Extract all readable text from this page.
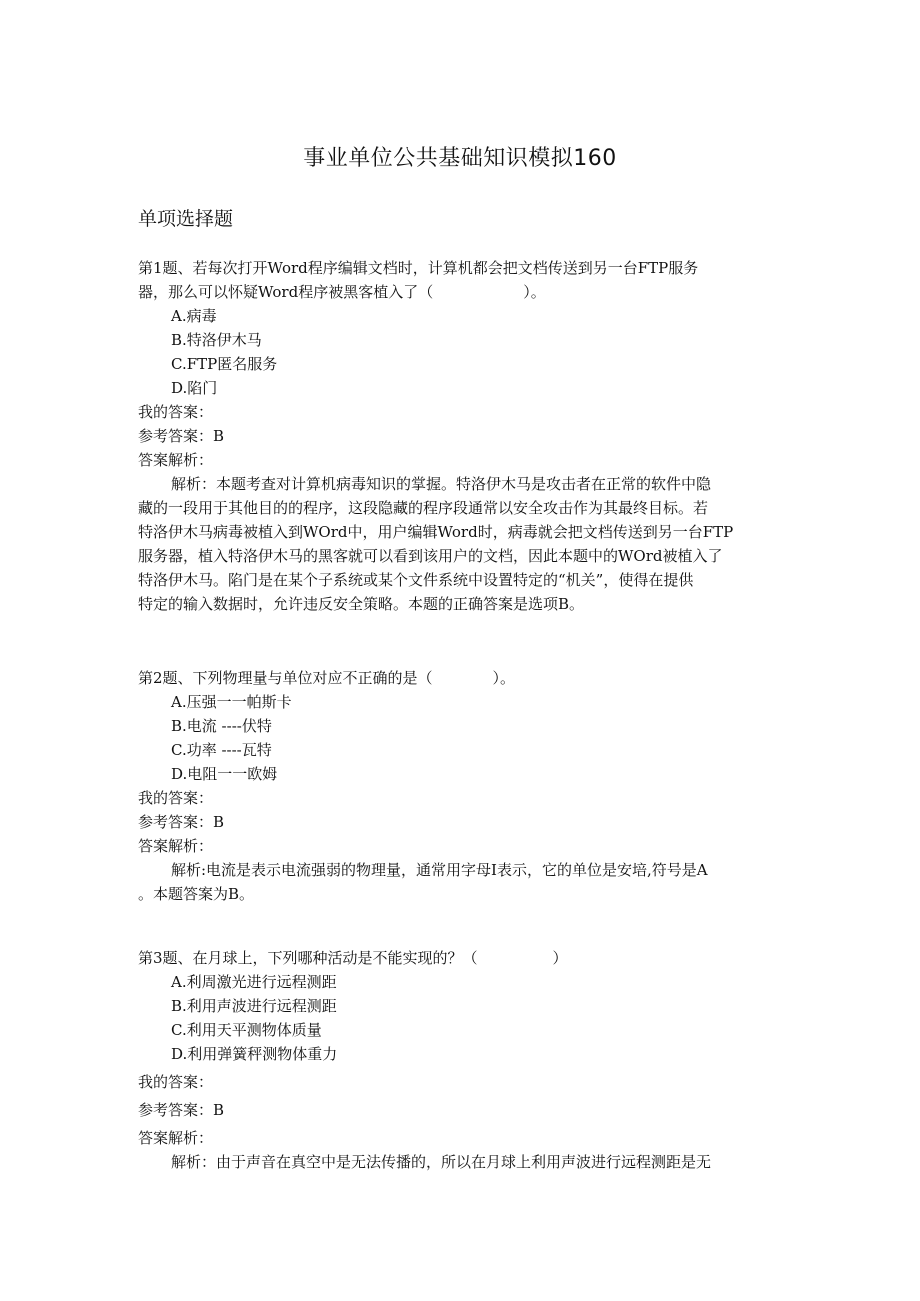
事业单位公共基础知识模拟160
单项选择题
第1题、若每次打开Word程序编辑文档时，计算机都会把文档传送到另一台FTP服务
器，那么可以怀疑Word程序被黑客植入了（　　　　　　）。
A.病毒
B.特洛伊木马
C.FTP匿名服务
D.陷门
我的答案：
参考答案：B
答案解析：
解析：本题考查对计算机病毒知识的掌握。特洛伊木马是攻击者在正常的软件中隐
藏的一段用于其他目的的程序，这段隐藏的程序段通常以安全攻击作为其最终目标。若
特洛伊木马病毒被植入到WOrd中，用户编辑Word时，病毒就会把文档传送到另一台FTP
服务器，植入特洛伊木马的黑客就可以看到该用户的文档，因此本题中的WOrd被植入了
特洛伊木马。陷门是在某个子系统或某个文件系统中设置特定的“机关”，使得在提供
特定的输入数据时，允许违反安全策略。本题的正确答案是选项B。
第2题、下列物理量与单位对应不正确的是（　　　　）。
A.压强一一帕斯卡
B.电流 ----伏特
C.功率 ----瓦特
D.电阻一一欧姆
我的答案：
参考答案：B
答案解析：
解析:电流是表示电流强弱的物理量，通常用字母I表示，它的单位是安培,符号是A
。本题答案为B。
第3题、在月球上，下列哪种活动是不能实现的？（　　　　　）
A.利周激光进行远程测距
B.利用声波进行远程测距
C.利用天平测物体质量
D.利用弹簧秤测物体重力
我的答案：
参考答案：B
答案解析：
解析：由于声音在真空中是无法传播的，所以在月球上利用声波进行远程测距是无
